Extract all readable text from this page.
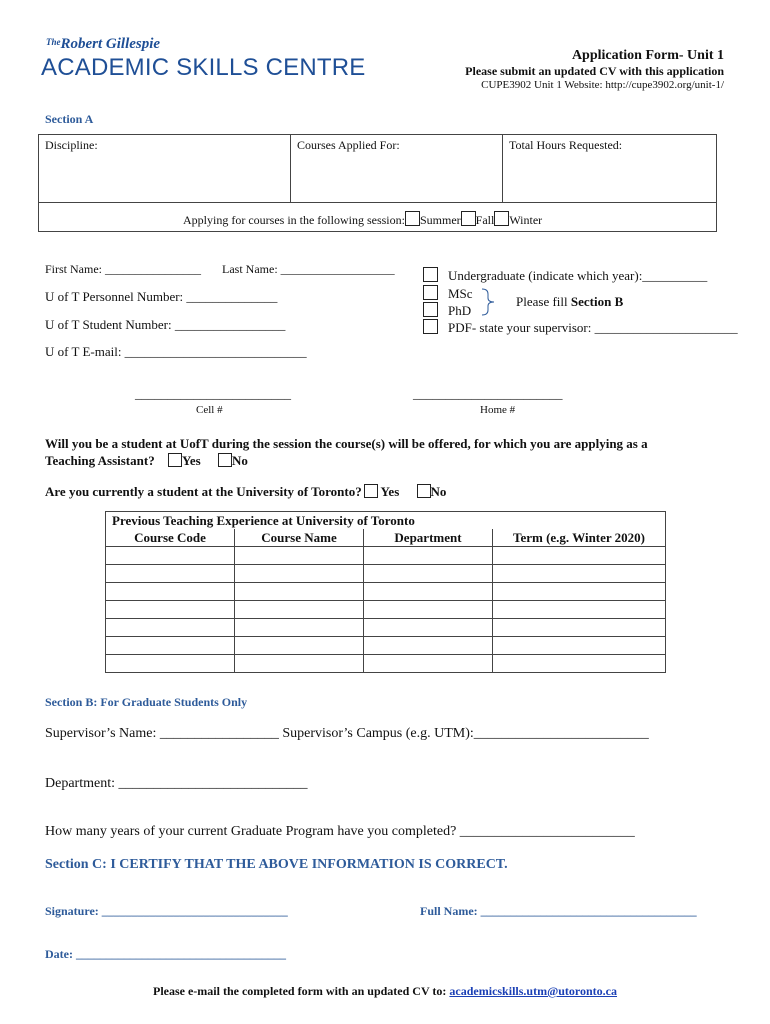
$^{The}$Robert Gillespie
ACADEMIC SKILLS CENTRE	Application Form- Unit 1
Please submit an updated CV with this application
CUPE3902 Unit 1 Website: http://cupe3902.org/unit-1/
Section A
Discipline:	Courses Applied For:	Total Hours Requested:
Applying for courses in the following session: Summer Fall Winter
First Name: ________________ Last Name: ___________________
U of T Personnel Number: ______________
U of T Student Number: _________________
U of T E-mail: ____________________________
________________________
Cell #
_______________________
Home #
Undergraduate (indicate which year):__________
MSc
PhD
Please fill Section B
PDF- state your supervisor: ______________________
Will you be a student at UofT during the session the course(s) will be offered, for which you are applying as a
Teaching Assistant? Yes No
Are you currently a student at the University of Toronto? Yes No
Previous Teaching Experience at University of Toronto			
Course Code	Course Name	Department	Term (e.g. Winter 2020)

Section B: For Graduate Students Only
Supervisor’s Name: _________________ Supervisor’s Campus (e.g. UTM):_________________________
Department: ___________________________
How many years of your current Graduate Program have you completed? _________________________
Section C: I CERTIFY THAT THE ABOVE INFORMATION IS CORRECT.
Signature: _______________________________	Full Name: ____________________________________
Date: ___________________________________
Please e-mail the completed form with an updated CV to: academicskills.utm@utoronto.ca
